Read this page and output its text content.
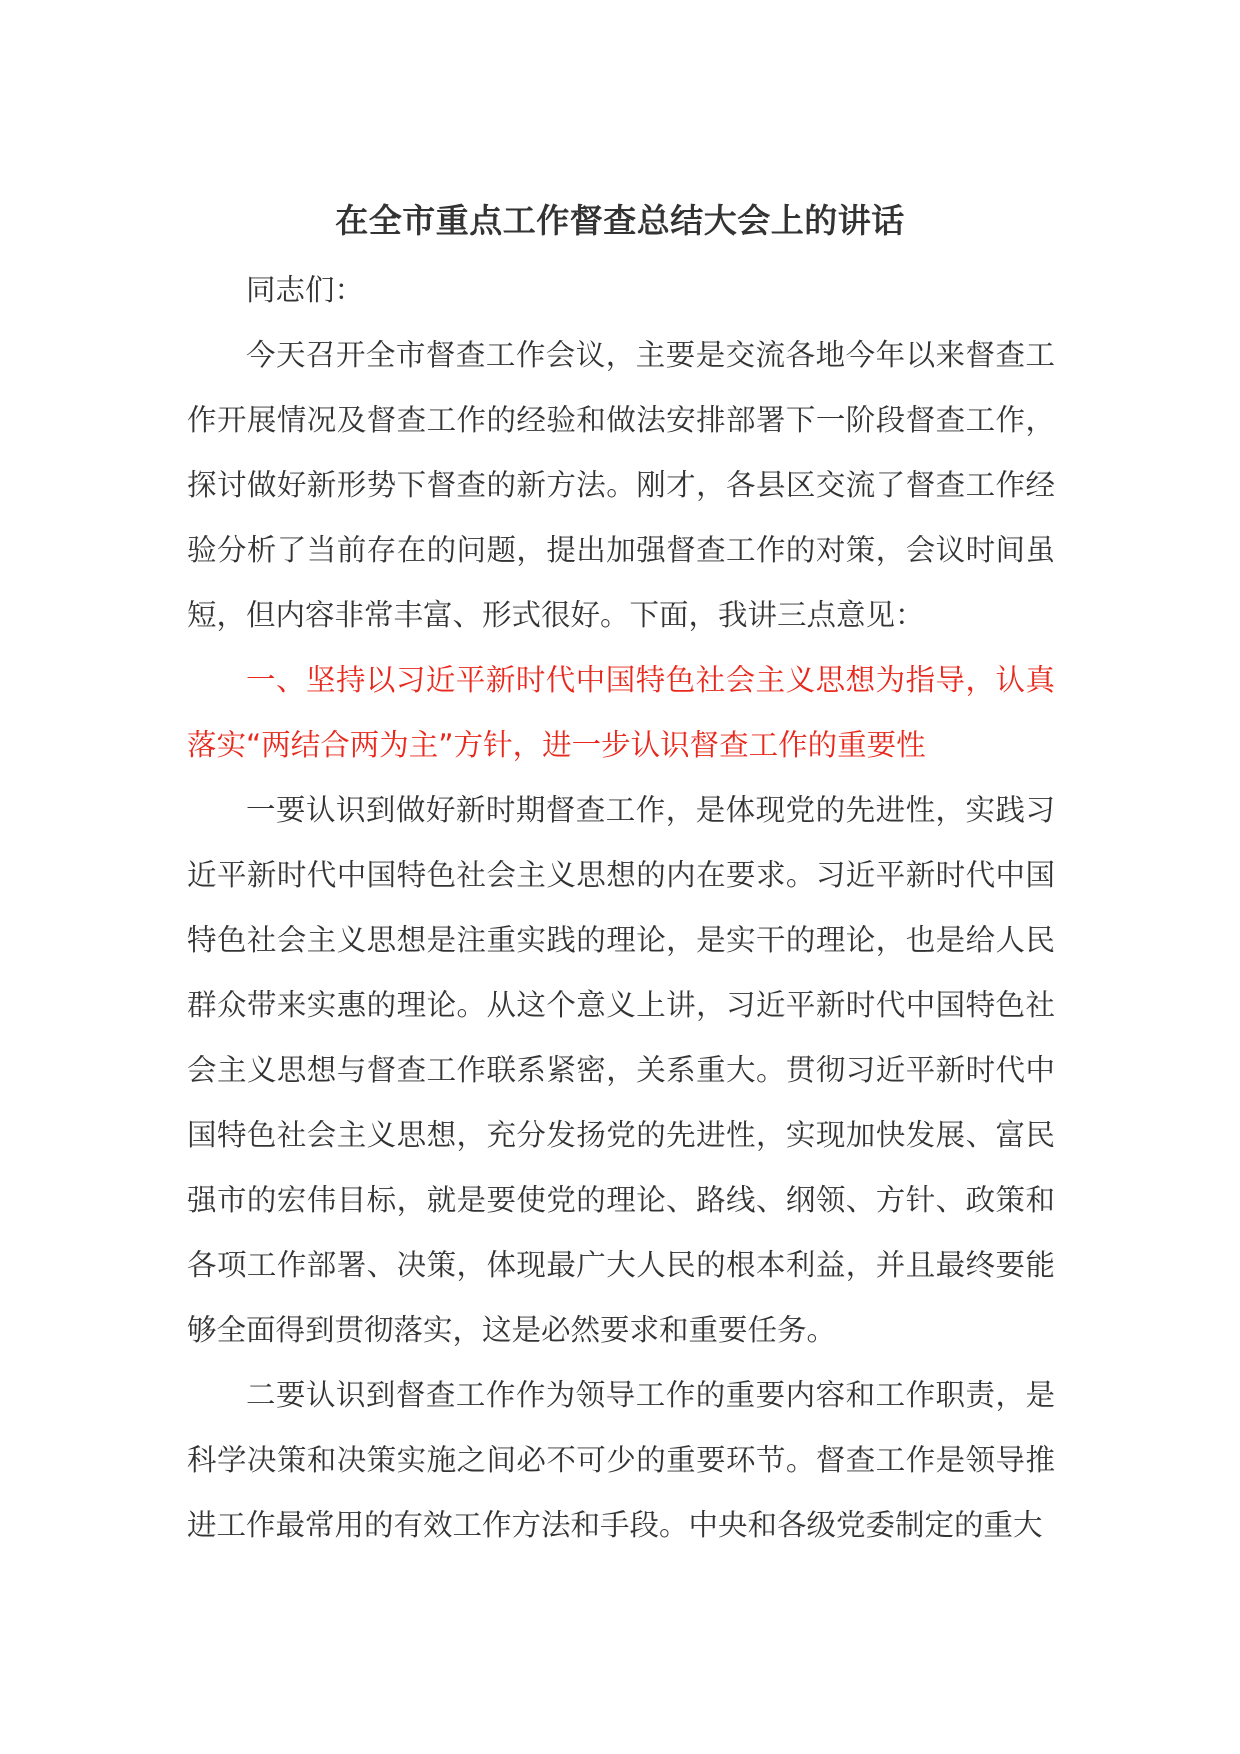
在全市重点工作督查总结大会上的讲话

同志们：

今天召开全市督查工作会议，主要是交流各地今年以来督查工作开展情况及督查工作的经验和做法安排部署下一阶段督查工作，探讨做好新形势下督查的新方法。刚才，各县区交流了督查工作经验分析了当前存在的问题，提出加强督查工作的对策，会议时间虽短，但内容非常丰富、形式很好。下面，我讲三点意见：

一、坚持以习近平新时代中国特色社会主义思想为指导，认真落实“两结合两为主”方针，进一步认识督查工作的重要性

一要认识到做好新时期督查工作，是体现党的先进性，实践习近平新时代中国特色社会主义思想的内在要求。习近平新时代中国特色社会主义思想是注重实践的理论，是实干的理论，也是给人民群众带来实惠的理论。从这个意义上讲，习近平新时代中国特色社会主义思想与督查工作联系紧密，关系重大。贯彻习近平新时代中国特色社会主义思想，充分发扬党的先进性，实现加快发展、富民强市的宏伟目标，就是要使党的理论、路线、纲领、方针、政策和各项工作部署、决策，体现最广大人民的根本利益，并且最终要能够全面得到贯彻落实，这是必然要求和重要任务。

二要认识到督查工作作为领导工作的重要内容和工作职责，是科学决策和决策实施之间必不可少的重要环节。督查工作是领导推进工作最常用的有效工作方法和手段。中央和各级党委制定的重大
